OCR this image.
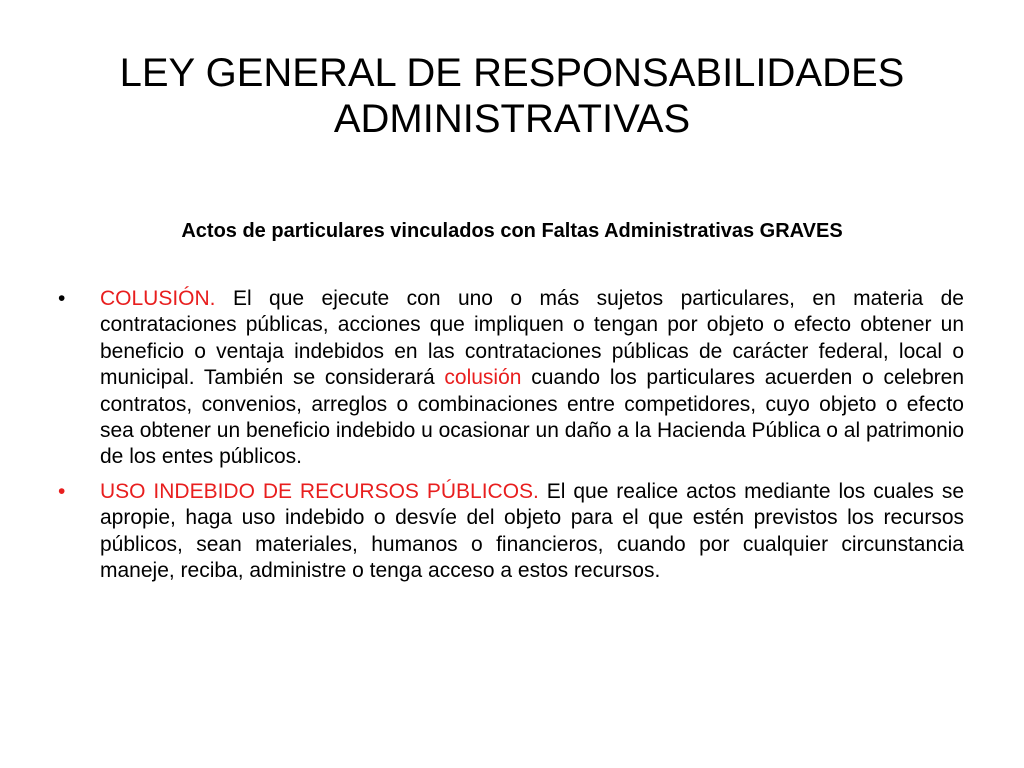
LEY GENERAL DE RESPONSABILIDADES ADMINISTRATIVAS

Actos de particulares vinculados con Faltas Administrativas GRAVES

•	COLUSIÓN. El que ejecute con uno o más sujetos particulares, en materia de contrataciones públicas, acciones que impliquen o tengan por objeto o efecto obtener un beneficio o ventaja indebidos en las contrataciones públicas de carácter federal, local o municipal. También se considerará colusión cuando los particulares acuerden o celebren contratos, convenios, arreglos o combinaciones entre competidores, cuyo objeto o efecto sea obtener un beneficio indebido u ocasionar un daño a la Hacienda Pública o al patrimonio de los entes públicos.
•	USO INDEBIDO DE RECURSOS PÚBLICOS. El que realice actos mediante los cuales se apropie, haga uso indebido o desvíe del objeto para el que estén previstos los recursos públicos, sean materiales, humanos o financieros, cuando por cualquier circunstancia maneje, reciba, administre o tenga acceso a estos recursos.
